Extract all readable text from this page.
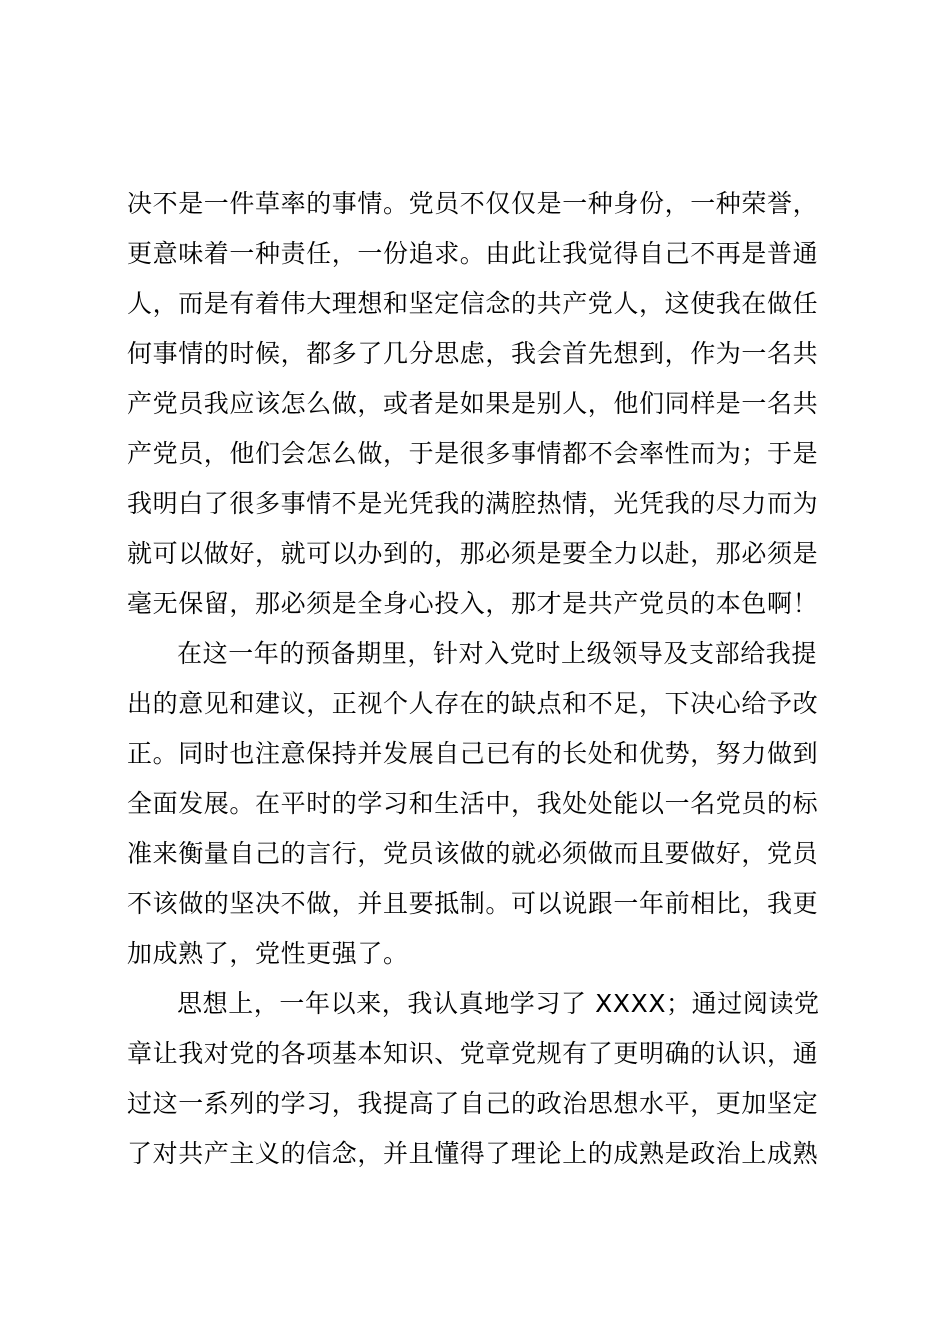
决不是一件草率的事情。党员不仅仅是一种身份，一种荣誉，
更意味着一种责任，一份追求。由此让我觉得自己不再是普通
人，而是有着伟大理想和坚定信念的共产党人，这使我在做任
何事情的时候，都多了几分思虑，我会首先想到，作为一名共
产党员我应该怎么做，或者是如果是别人，他们同样是一名共
产党员，他们会怎么做，于是很多事情都不会率性而为；于是
我明白了很多事情不是光凭我的满腔热情，光凭我的尽力而为
就可以做好，就可以办到的，那必须是要全力以赴，那必须是
毫无保留，那必须是全身心投入，那才是共产党员的本色啊！
在这一年的预备期里，针对入党时上级领导及支部给我提
出的意见和建议，正视个人存在的缺点和不足，下决心给予改
正。同时也注意保持并发展自己已有的长处和优势，努力做到
全面发展。在平时的学习和生活中，我处处能以一名党员的标
准来衡量自己的言行，党员该做的就必须做而且要做好，党员
不该做的坚决不做，并且要抵制。可以说跟一年前相比，我更
加成熟了，党性更强了。
思想上，一年以来，我认真地学习了 XXXX；通过阅读党
章让我对党的各项基本知识、党章党规有了更明确的认识，通
过这一系列的学习，我提高了自己的政治思想水平，更加坚定
了对共产主义的信念，并且懂得了理论上的成熟是政治上成熟
